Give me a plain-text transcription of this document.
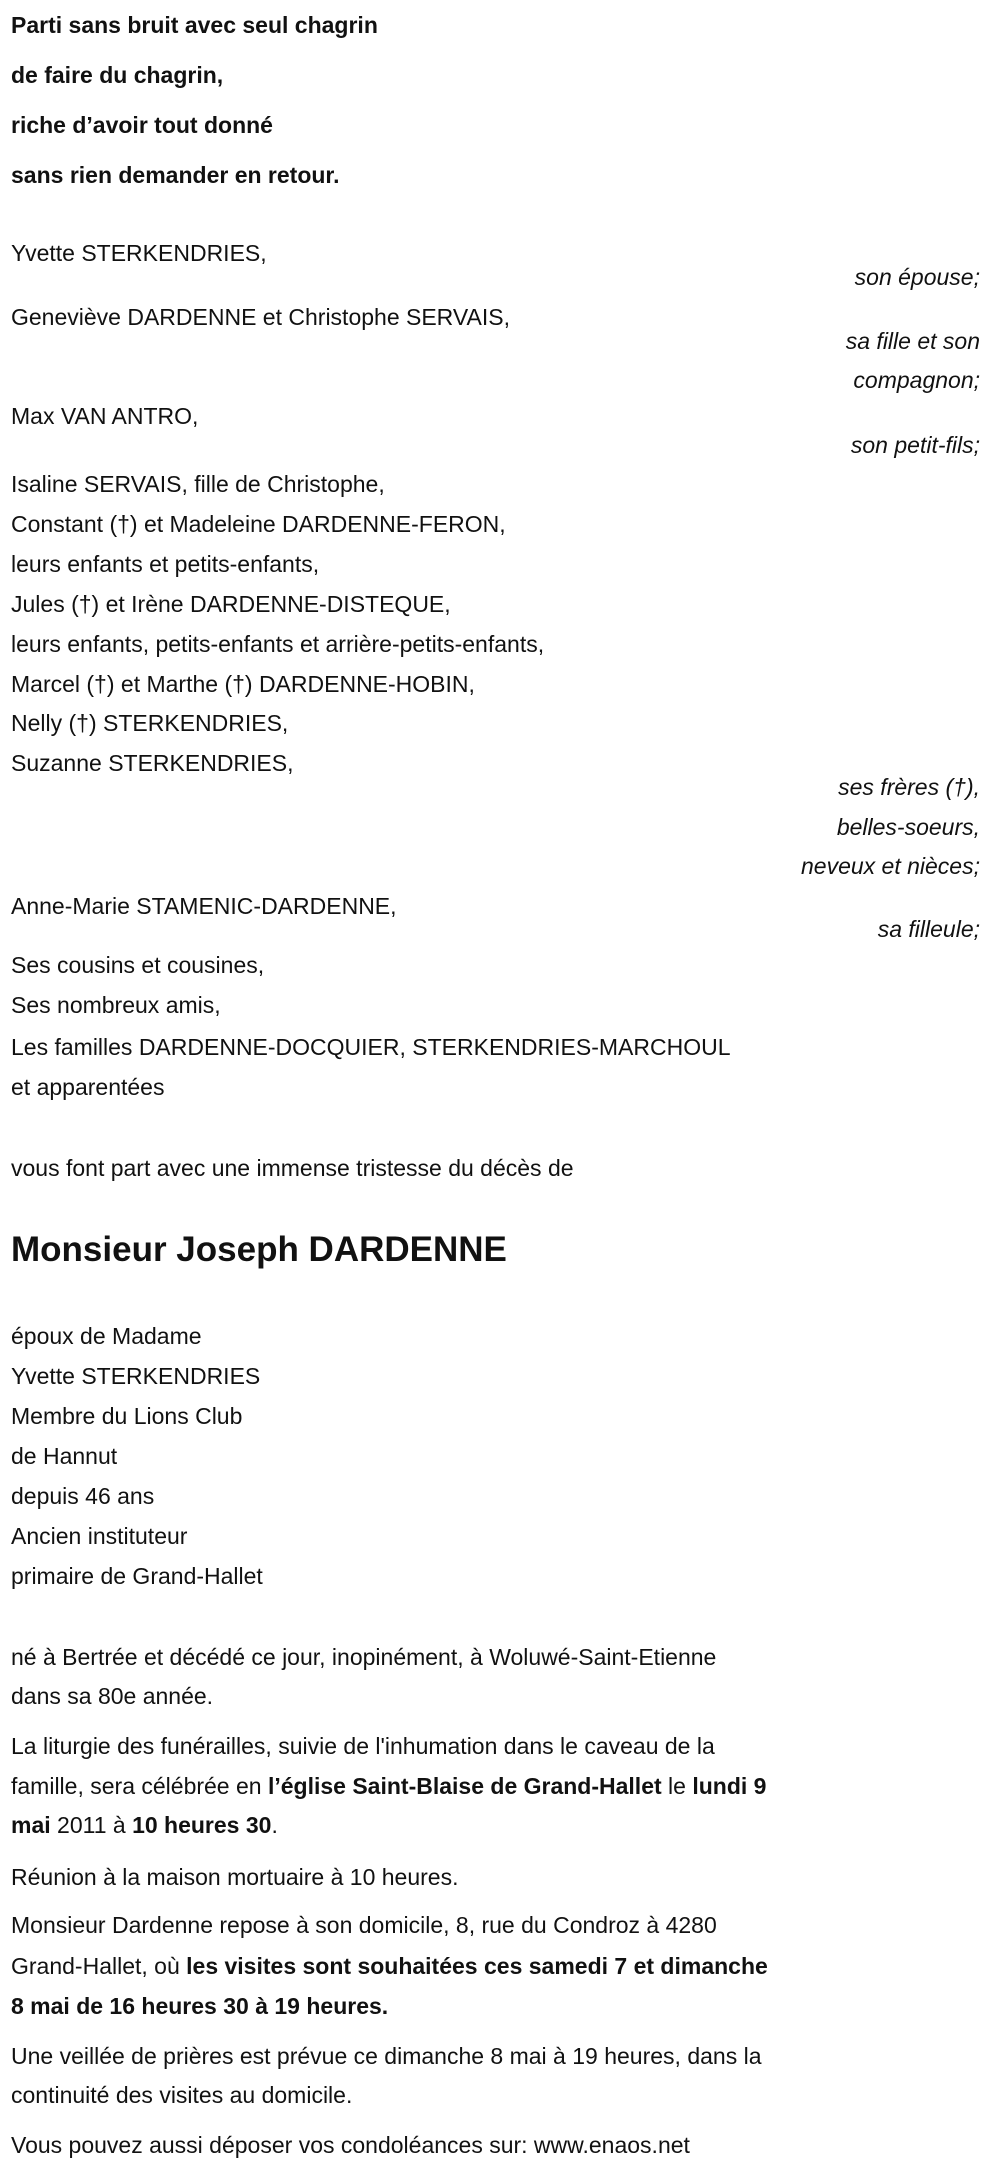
Parti sans bruit avec seul chagrin
de faire du chagrin,
riche d’avoir tout donné
sans rien demander en retour.
Yvette STERKENDRIES,
son épouse;
Geneviève DARDENNE et Christophe SERVAIS,
sa fille et son
compagnon;
Max VAN ANTRO,
son petit-fils;
Isaline SERVAIS, fille de Christophe,
Constant (†) et Madeleine DARDENNE-FERON,
leurs enfants et petits-enfants,
Jules (†) et Irène DARDENNE-DISTEQUE,
leurs enfants, petits-enfants et arrière-petits-enfants,
Marcel (†) et Marthe (†) DARDENNE-HOBIN,
Nelly (†) STERKENDRIES,
Suzanne STERKENDRIES,
ses frères (†),
belles-soeurs,
neveux et nièces;
Anne-Marie STAMENIC-DARDENNE,
sa filleule;
Ses cousins et cousines,
Ses nombreux amis,
Les familles DARDENNE-DOCQUIER, STERKENDRIES-MARCHOUL
et apparentées
vous font part avec une immense tristesse du décès de
Monsieur Joseph DARDENNE
époux de Madame
Yvette STERKENDRIES
Membre du Lions Club
de Hannut
depuis 46 ans
Ancien instituteur
primaire de Grand-Hallet
né à Bertrée et décédé ce jour, inopinément, à Woluwé-Saint-Etienne
dans sa 80e année.
La liturgie des funérailles, suivie de l'inhumation dans le caveau de la
famille, sera célébrée en l’église Saint-Blaise de Grand-Hallet le lundi 9
mai 2011 à 10 heures 30.
Réunion à la maison mortuaire à 10 heures.
Monsieur Dardenne repose à son domicile, 8, rue du Condroz à 4280
Grand-Hallet, où les visites sont souhaitées ces samedi 7 et dimanche
8 mai de 16 heures 30 à 19 heures.
Une veillée de prières est prévue ce dimanche 8 mai à 19 heures, dans la
continuité des visites au domicile.
Vous pouvez aussi déposer vos condoléances sur: www.enaos.net
